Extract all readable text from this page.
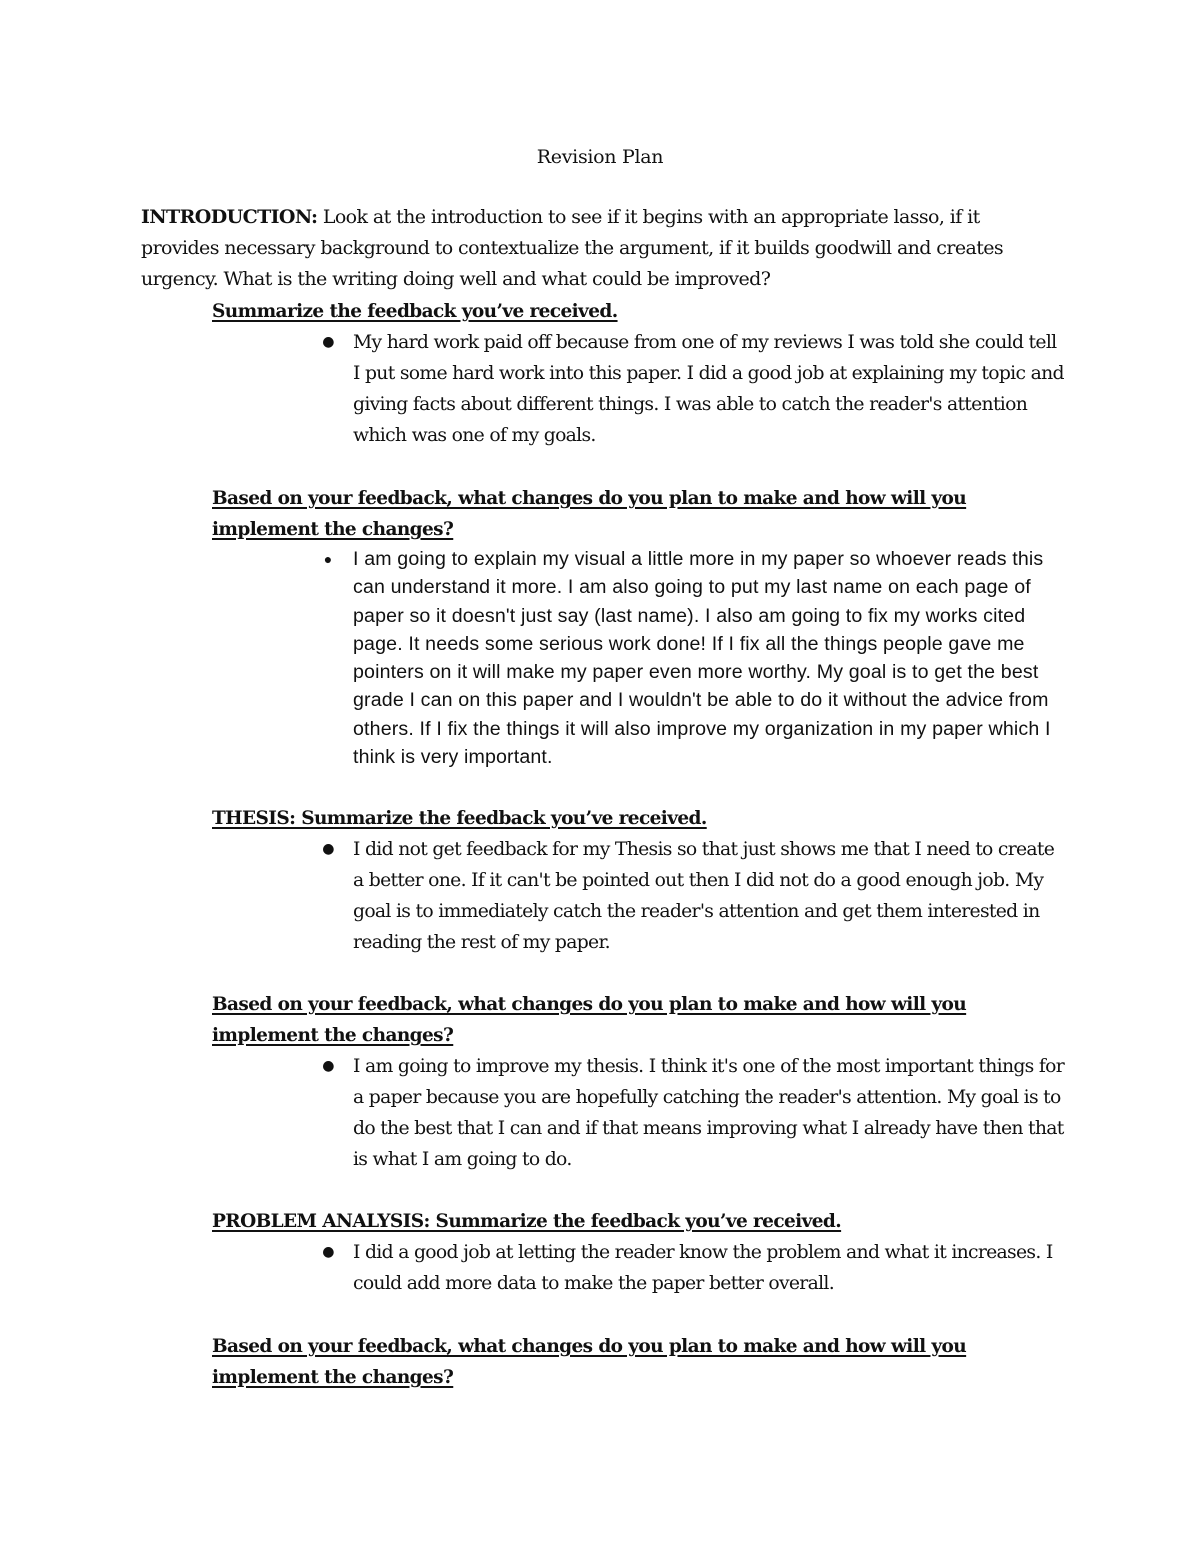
Revision Plan

INTRODUCTION: Look at the introduction to see if it begins with an appropriate lasso, if it provides necessary background to contextualize the argument, if it builds goodwill and creates urgency. What is the writing doing well and what could be improved?

Summarize the feedback you’ve received.

● My hard work paid off because from one of my reviews I was told she could tell I put some hard work into this paper. I did a good job at explaining my topic and giving facts about different things. I was able to catch the reader's attention which was one of my goals.

Based on your feedback, what changes do you plan to make and how will you implement the changes?

● I am going to explain my visual a little more in my paper so whoever reads this can understand it more. I am also going to put my last name on each page of paper so it doesn't just say (last name). I also am going to fix my works cited page. It needs some serious work done! If I fix all the things people gave me pointers on it will make my paper even more worthy. My goal is to get the best grade I can on this paper and I wouldn't be able to do it without the advice from others. If I fix the things it will also improve my organization in my paper which I think is very important.

THESIS: Summarize the feedback you’ve received.

● I did not get feedback for my Thesis so that just shows me that I need to create a better one. If it can't be pointed out then I did not do a good enough job. My goal is to immediately catch the reader's attention and get them interested in reading the rest of my paper.

Based on your feedback, what changes do you plan to make and how will you implement the changes?

● I am going to improve my thesis. I think it's one of the most important things for a paper because you are hopefully catching the reader's attention. My goal is to do the best that I can and if that means improving what I already have then that is what I am going to do.

PROBLEM ANALYSIS: Summarize the feedback you’ve received.

● I did a good job at letting the reader know the problem and what it increases. I could add more data to make the paper better overall.

Based on your feedback, what changes do you plan to make and how will you implement the changes?
